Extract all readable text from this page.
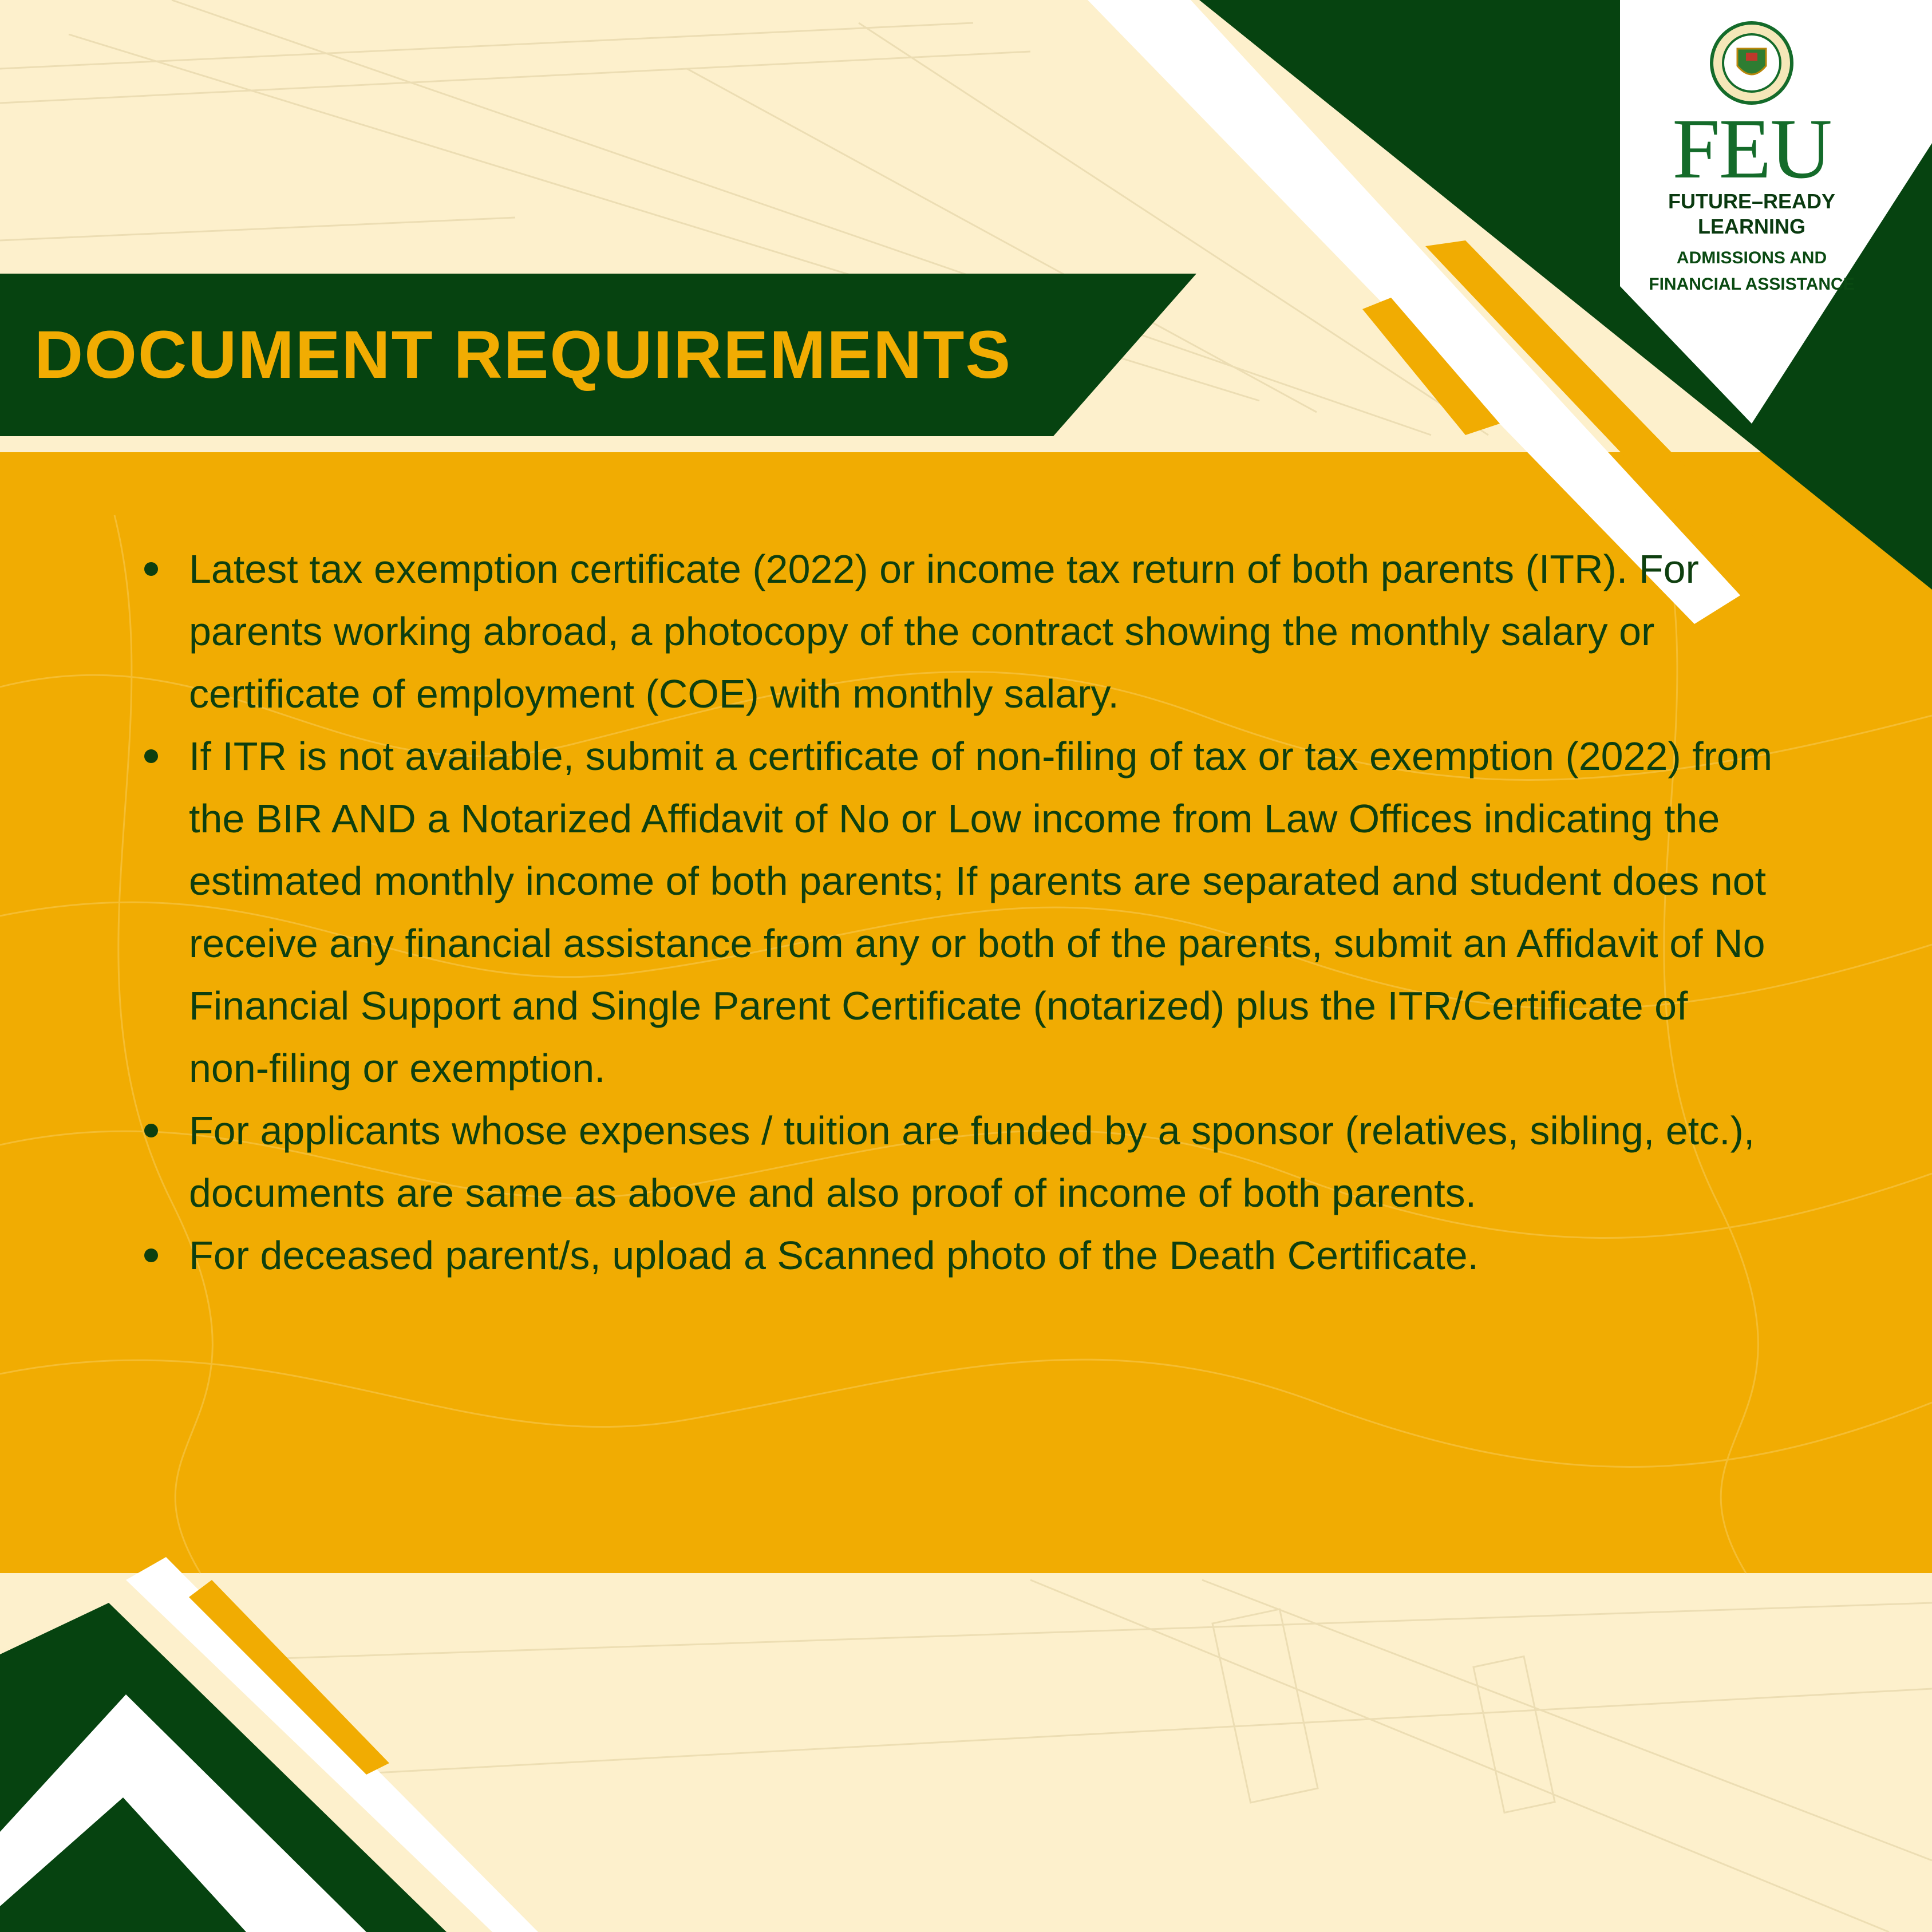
DOCUMENT REQUIREMENTS
FEU
FUTURE–READY
LEARNING
ADMISSIONS AND
FINANCIAL ASSISTANCE
Latest tax exemption certificate (2022) or income tax return of both parents (ITR). For parents working abroad, a photocopy of the contract showing the monthly salary or certificate of employment (COE) with monthly salary.
If ITR is not available, submit a certificate of non-filing of tax or tax exemption (2022) from the BIR AND a Notarized Affidavit of No or Low income from Law Offices indicating the estimated monthly income of both parents; If parents are separated and student does not receive any financial assistance from any or both of the parents, submit an Affidavit of No Financial Support and Single Parent Certificate (notarized) plus the ITR/Certificate of non-filing or exemption.
For applicants whose expenses / tuition are funded by a sponsor (relatives, sibling, etc.), documents are same as above and also proof of income of both parents.
For deceased parent/s, upload a Scanned photo of the Death Certificate.
